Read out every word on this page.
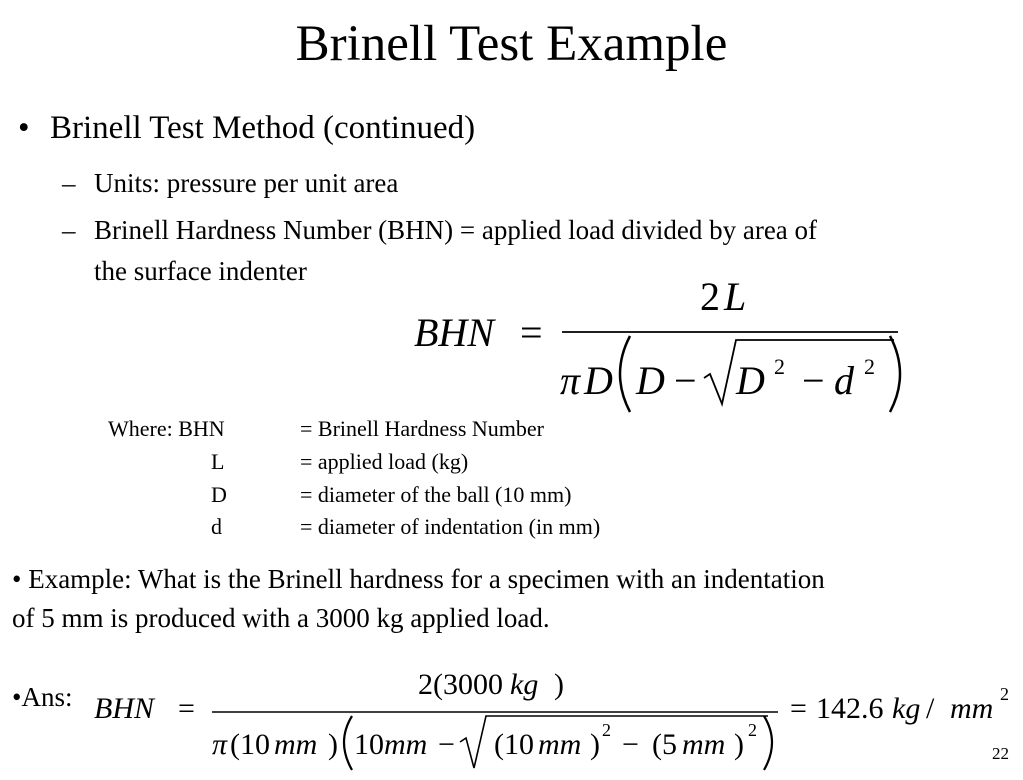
Brinell Test Example
• Brinell Test Method (continued)
– Units: pressure per unit area
– Brinell Hardness Number (BHN) = applied load divided by area of
the surface indenter
BHN =
2 L
π D D − D 2 − d 2
Where: BHN	= Brinell Hardness Number
L	= applied load (kg)
D	= diameter of the ball (10 mm)
d	= diameter of indentation (in mm)
• Example: What is the Brinell hardness for a specimen with an indentation
of 5 mm is produced with a 3000 kg applied load.
•Ans: BHN =
2(3000 kg )
π (10 mm ) 10 mm − (10 mm ) 2 − (5 mm ) 2
= 142.6 kg / mm 2
22
